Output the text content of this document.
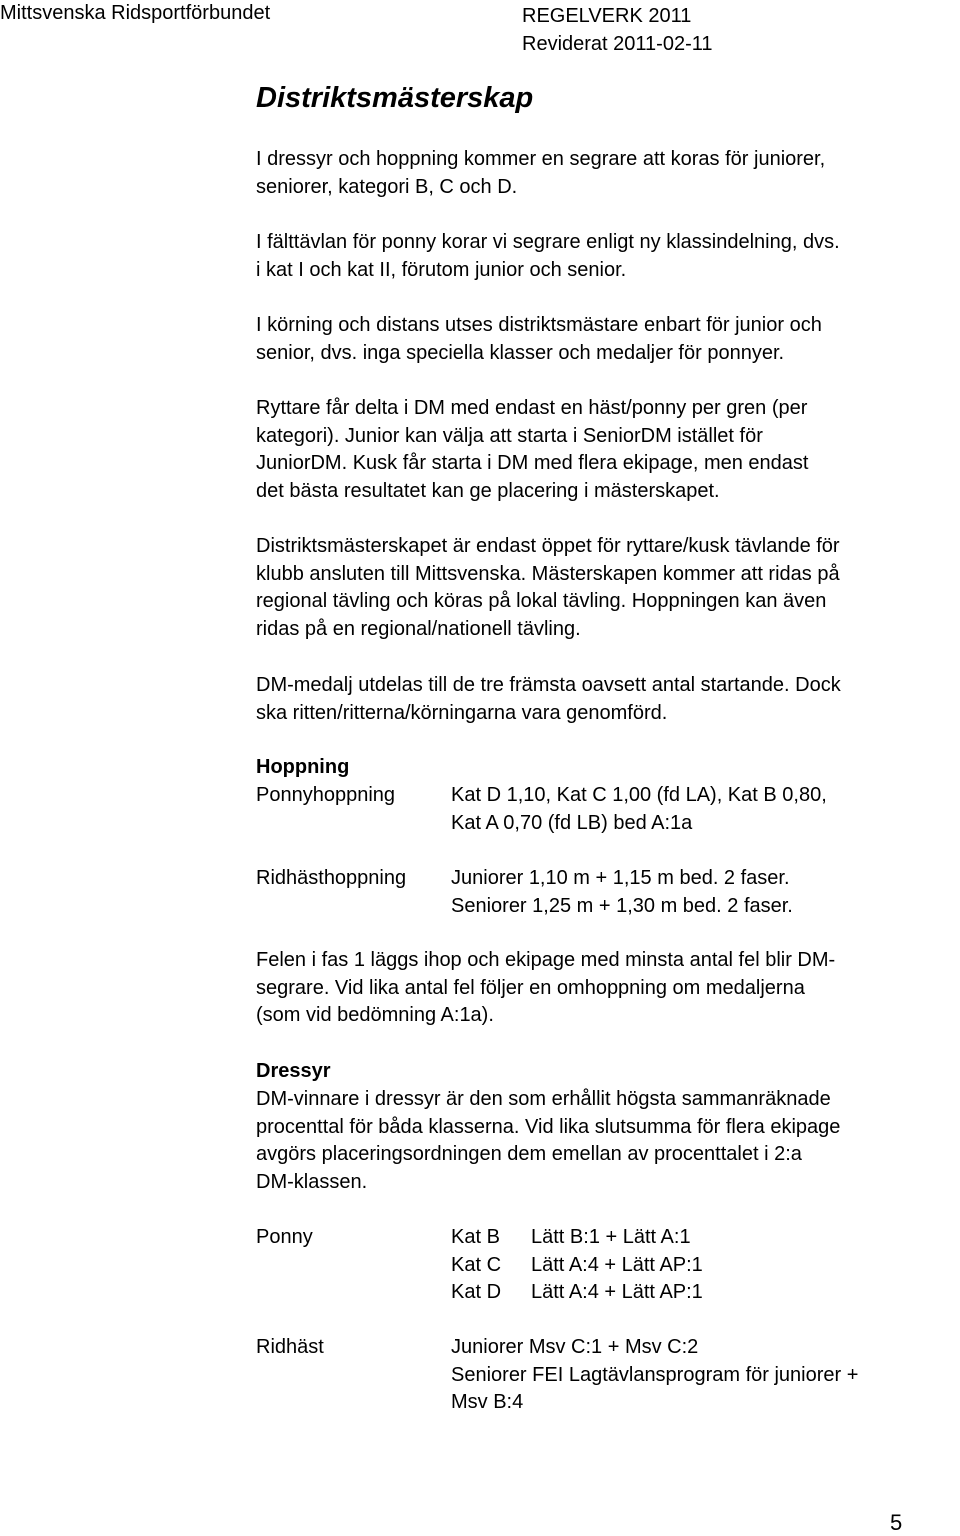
Mittsvenska Ridsportförbundet	REGELVERK 2011
Reviderat 2011-02-11
Distriktsmästerskap
I dressyr och hoppning kommer en segrare att koras för juniorer,
seniorer, kategori B, C och D.
I fälttävlan för ponny korar vi segrare enligt ny klassindelning, dvs.
i kat I och kat II, förutom junior och senior.
I körning och distans utses distriktsmästare enbart för junior och
senior, dvs. inga speciella klasser och medaljer för ponnyer.
Ryttare får delta i DM med endast en häst/ponny per gren (per
kategori). Junior kan välja att starta i SeniorDM istället för
JuniorDM. Kusk får starta i DM med flera ekipage, men endast
det bästa resultatet kan ge placering i mästerskapet.
Distriktsmästerskapet är endast öppet för ryttare/kusk tävlande för
klubb ansluten till Mittsvenska. Mästerskapen kommer att ridas på
regional tävling och köras på lokal tävling. Hoppningen kan även
ridas på en regional/nationell tävling.
DM-medalj utdelas till de tre främsta oavsett antal startande. Dock
ska ritten/ritterna/körningarna vara genomförd.
Hoppning
Ponnyhoppning	Kat D 1,10, Kat C 1,00 (fd LA), Kat B 0,80,
Kat A 0,70 (fd LB) bed A:1a
Ridhästhoppning Juniorer 1,10 m + 1,15 m bed. 2 faser.
Seniorer 1,25 m + 1,30 m bed. 2 faser.
Felen i fas 1 läggs ihop och ekipage med minsta antal fel blir DM-
segrare. Vid lika antal fel följer en omhoppning om medaljerna
(som vid bedömning A:1a).
Dressyr
DM-vinnare i dressyr är den som erhållit högsta sammanräknade
procenttal för båda klasserna. Vid lika slutsumma för flera ekipage
avgörs placeringsordningen dem emellan av procenttalet i 2:a
DM-klassen.
Ponny	Kat B Lätt B:1 + Lätt A:1
Kat C Lätt A:4 + Lätt AP:1
Kat D Lätt A:4 + Lätt AP:1
Ridhäst	Juniorer Msv C:1 + Msv C:2
Seniorer FEI Lagtävlansprogram för juniorer +
Msv B:4
5
